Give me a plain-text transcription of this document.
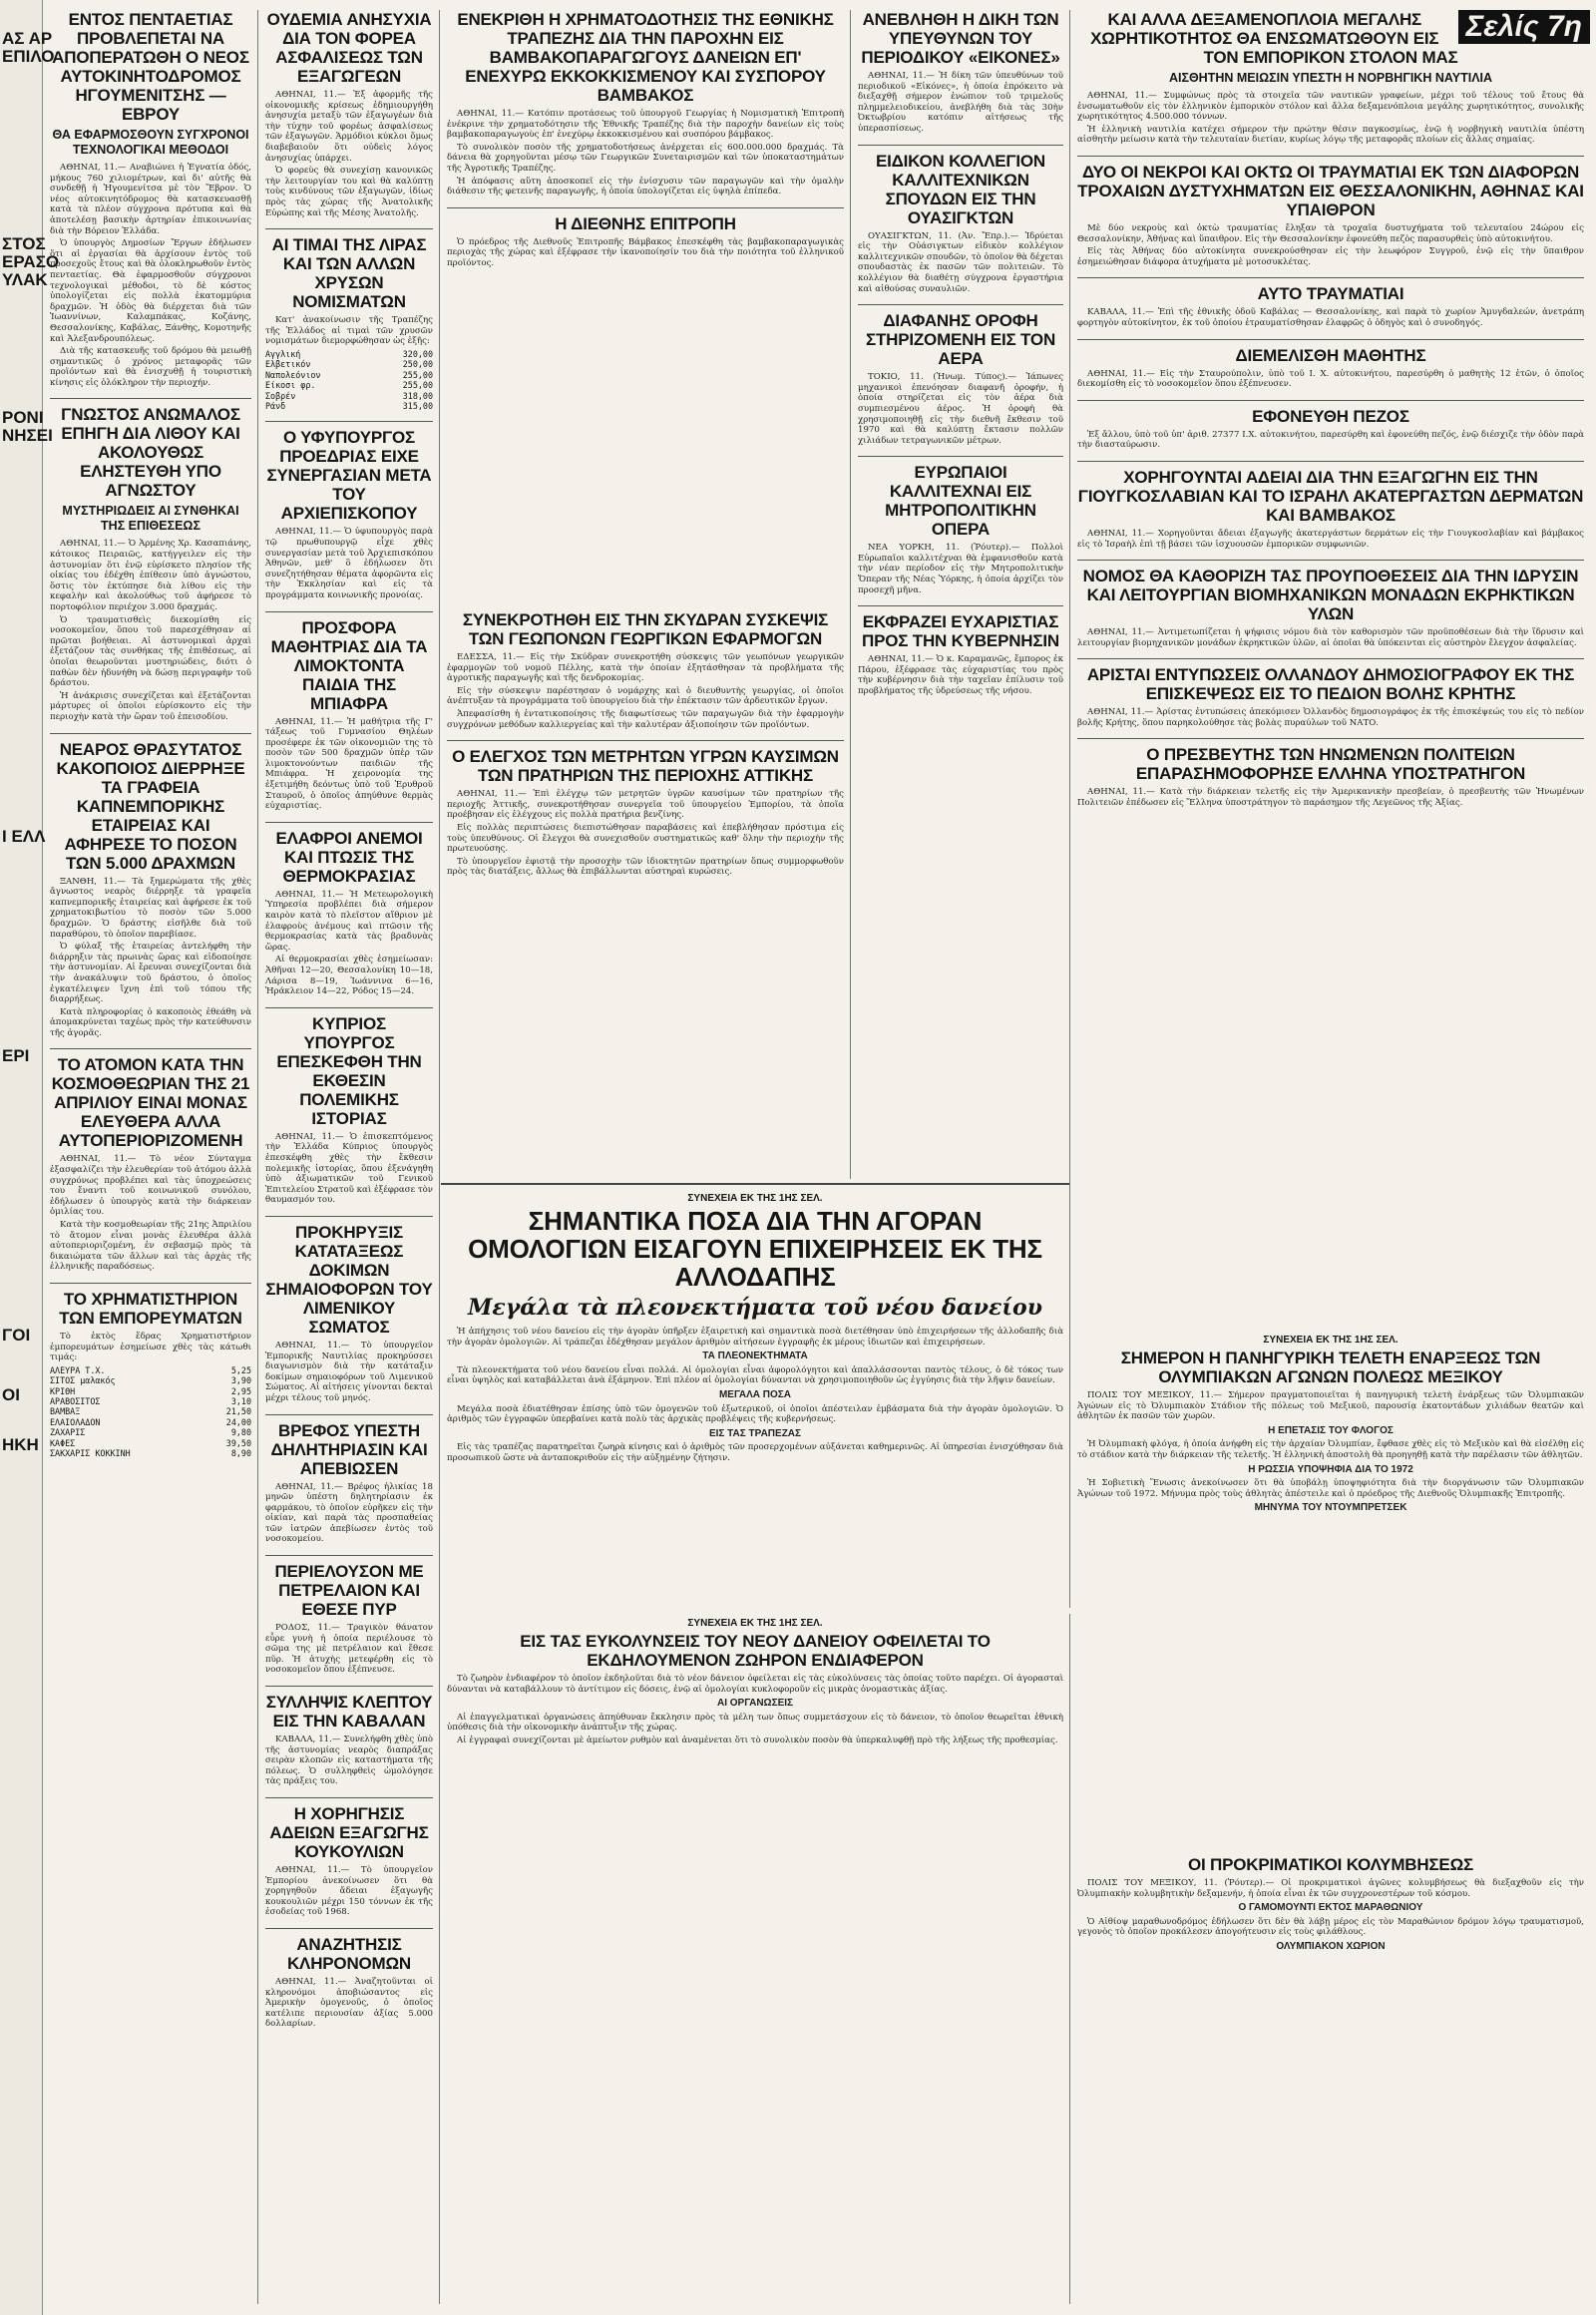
ΑΣ ΑΡ
ΕΠΙΛΟ
ΣΤΟΣ
ΕΡΑΣΟ
ΥΛΑΚ
ΡΟΝΙ
ΝΗΣΕΙ
Ι ΕΛΛ
ΕΡΙ
ΓΟΙ
ΟΙ
ΗΚΗ
ΕΝΤΟΣ ΠΕΝΤΑΕΤΙΑΣ ΠΡΟΒΛΕΠΕΤΑΙ ΝΑ ΑΠΟΠΕΡΑΤΩΘΗ Ο ΝΕΟΣ ΑΥΤΟΚΙΝΗΤΟΔΡΟΜΟΣ ΗΓΟΥΜΕΝΙΤΣΗΣ — ΕΒΡΟΥ
ΘΑ ΕΦΑΡΜΟΣΘΟΥΝ ΣΥΓΧΡΟΝΟΙ ΤΕΧΝΟΛΟΓΙΚΑΙ ΜΕΘΟΔΟΙ

ΑΘΗΝΑΙ, 11.— Αναβιώνει ἡ Ἐγνατία ὁδός, μήκους 760 χιλιομέτρων, καὶ δι' αὐτῆς θὰ συνδεθῇ ἡ Ἡγουμενίτσα μὲ τὸν Ἕβρον. Ὁ νέος αὐτοκινητόδρομος θὰ κατασκευασθῇ κατὰ τὰ πλέον σύγχρονα πρότυπα καὶ θὰ ἀποτελέσῃ βασικὴν ἀρτηρίαν ἐπικοινωνίας διὰ τὴν Βόρειον Ἑλλάδα.

Ὁ ὑπουργὸς Δημοσίων Ἔργων ἐδήλωσεν ὅτι αἱ ἐργασίαι θὰ ἀρχίσουν ἐντὸς τοῦ προσεχοῦς ἔτους καὶ θὰ ὁλοκληρωθοῦν ἐντὸς πενταετίας. Θὰ ἐφαρμοσθοῦν σύγχρονοι τεχνολογικαὶ μέθοδοι, τὸ δὲ κόστος ὑπολογίζεται εἰς πολλὰ ἑκατομμύρια δραχμῶν. Ἡ ὁδὸς θὰ διέρχεται διὰ τῶν Ἰωαννίνων, Καλαμπάκας, Κοζάνης, Θεσσαλονίκης, Καβάλας, Ξάνθης, Κομοτηνῆς καὶ Ἀλεξανδρουπόλεως.

Διὰ τῆς κατασκευῆς τοῦ δρόμου θὰ μειωθῇ σημαντικῶς ὁ χρόνος μεταφορᾶς τῶν προϊόντων καὶ θὰ ἐνισχυθῇ ἡ τουριστικὴ κίνησις εἰς ὁλόκληρον τὴν περιοχήν.

ΓΝΩΣΤΟΣ ΑΝΩΜΑΛΟΣ ΕΠΗΓΗ ΔΙΑ ΛΙΘΟΥ ΚΑΙ ΑΚΟΛΟΥΘΩΣ ΕΛΗΣΤΕΥΘΗ ΥΠΟ ΑΓΝΩΣΤΟΥ
ΜΥΣΤΗΡΙΩΔΕΙΣ ΑΙ ΣΥΝΘΗΚΑΙ ΤΗΣ ΕΠΙΘΕΣΕΩΣ

ΑΘΗΝΑΙ, 11.— Ὁ Ἀρμένης Χρ. Κασαπιάνης, κάτοικος Πειραιῶς, κατήγγειλεν εἰς τὴν ἀστυνομίαν ὅτι ἐνῷ εὑρίσκετο πλησίον τῆς οἰκίας του ἐδέχθη ἐπίθεσιν ὑπὸ ἀγνώστου, ὅστις τὸν ἐκτύπησε διὰ λίθου εἰς τὴν κεφαλὴν καὶ ἀκολούθως τοῦ ἀφήρεσε τὸ πορτοφόλιον περιέχον 3.000 δραχμάς.

Ὁ τραυματισθεὶς διεκομίσθη εἰς νοσοκομεῖον, ὅπου τοῦ παρεσχέθησαν αἱ πρῶται βοήθειαι. Αἱ ἀστυνομικαὶ ἀρχαὶ ἐξετάζουν τὰς συνθήκας τῆς ἐπιθέσεως, αἱ ὁποῖαι θεωροῦνται μυστηριώδεις, διότι ὁ παθὼν δὲν ἠδυνήθη νὰ δώσῃ περιγραφὴν τοῦ δράστου.

Ἡ ἀνάκρισις συνεχίζεται καὶ ἐξετάζονται μάρτυρες οἱ ὁποῖοι εὑρίσκοντο εἰς τὴν περιοχὴν κατὰ τὴν ὥραν τοῦ ἐπεισοδίου.

ΝΕΑΡΟΣ ΘΡΑΣΥΤΑΤΟΣ ΚΑΚΟΠΟΙΟΣ ΔΙΕΡΡΗΞΕ ΤΑ ΓΡΑΦΕΙΑ ΚΑΠΝΕΜΠΟΡΙΚΗΣ ΕΤΑΙΡΕΙΑΣ ΚΑΙ ΑΦΗΡΕΣΕ ΤΟ ΠΟΣΟΝ ΤΩΝ 5.000 ΔΡΑΧΜΩΝ

ΞΑΝΘΗ, 11.— Τὰ ξημερώματα τῆς χθὲς ἄγνωστος νεαρὸς διέρρηξε τὰ γραφεῖα καπνεμπορικῆς ἑταιρείας καὶ ἀφήρεσε ἐκ τοῦ χρηματοκιβωτίου τὸ ποσὸν τῶν 5.000 δραχμῶν. Ὁ δράστης εἰσῆλθε διὰ τοῦ παραθύρου, τὸ ὁποῖον παρεβίασε.

Ὁ φύλαξ τῆς ἑταιρείας ἀντελήφθη τὴν διάρρηξιν τὰς πρωινὰς ὥρας καὶ εἰδοποίησε τὴν ἀστυνομίαν. Αἱ ἔρευναι συνεχίζονται διὰ τὴν ἀνακάλυψιν τοῦ δράστου, ὁ ὁποῖος ἐγκατέλειψεν ἴχνη ἐπὶ τοῦ τόπου τῆς διαρρήξεως.

Κατὰ πληροφορίας ὁ κακοποιὸς ἐθεάθη νὰ ἀπομακρύνεται ταχέως πρὸς τὴν κατεύθυνσιν τῆς ἀγορᾶς.

ΤΟ ΑΤΟΜΟΝ ΚΑΤΑ ΤΗΝ ΚΟΣΜΟΘΕΩΡΙΑΝ ΤΗΣ 21 ΑΠΡΙΛΙΟΥ ΕΙΝΑΙ ΜΟΝΑΣ ΕΛΕΥΘΕΡΑ ΑΛΛΑ ΑΥΤΟΠΕΡΙΟΡΙΖΟΜΕΝΗ

ΑΘΗΝΑΙ, 11.— Τὸ νέον Σύνταγμα ἐξασφαλίζει τὴν ἐλευθερίαν τοῦ ἀτόμου ἀλλὰ συγχρόνως προβλέπει καὶ τὰς ὑποχρεώσεις του ἔναντι τοῦ κοινωνικοῦ συνόλου, ἐδήλωσεν ὁ ὑπουργὸς κατὰ τὴν διάρκειαν ὁμιλίας του.

Κατὰ τὴν κοσμοθεωρίαν τῆς 21ης Ἀπριλίου τὸ ἄτομον εἶναι μονὰς ἐλευθέρα ἀλλὰ αὐτοπεριοριζομένη, ἐν σεβασμῷ πρὸς τὰ δικαιώματα τῶν ἄλλων καὶ τὰς ἀρχὰς τῆς ἑλληνικῆς παραδόσεως.

ΤΟ ΧΡΗΜΑΤΙΣΤΗΡΙΟΝ ΤΩΝ ΕΜΠΟΡΕΥΜΑΤΩΝ

Τὸ ἐκτὸς ἕδρας Χρηματιστήριον ἐμπορευμάτων ἐσημείωσε χθὲς τὰς κάτωθι τιμάς:

ΑΛΕΥΡΑ Τ.Χ.	5,25
ΣΙΤΟΣ μαλακός	3,90
ΚΡΙΘΗ	2,95
ΑΡΑΒΟΣΙΤΟΣ	3,10
ΒΑΜΒΑΞ	21,50
ΕΛΑΙΟΛΑΔΟΝ	24,00
ΖΑΧΑΡΙΣ	9,80
ΚΑΦΕΣ	39,50
ΣΑΚΧΑΡΙΣ ΚΟΚΚΙΝΗ	8,90
ΟΥΔΕΜΙΑ ΑΝΗΣΥΧΙΑ ΔΙΑ ΤΟΝ ΦΟΡΕΑ ΑΣΦΑΛΙΣΕΩΣ ΤΩΝ ΕΞΑΓΩΓΕΩΝ

ΑΘΗΝΑΙ, 11.— Ἐξ ἀφορμῆς τῆς οἰκονομικῆς κρίσεως ἐδημιουργήθη ἀνησυχία μεταξὺ τῶν ἐξαγωγέων διὰ τὴν τύχην τοῦ φορέως ἀσφαλίσεως τῶν ἐξαγωγῶν. Ἁρμόδιοι κύκλοι ὅμως διαβεβαιοῦν ὅτι οὐδεὶς λόγος ἀνησυχίας ὑπάρχει.

Ὁ φορεὺς θὰ συνεχίσῃ κανονικῶς τὴν λειτουργίαν του καὶ θὰ καλύπτῃ τοὺς κινδύνους τῶν ἐξαγωγῶν, ἰδίως πρὸς τὰς χώρας τῆς Ἀνατολικῆς Εὐρώπης καὶ τῆς Μέσης Ἀνατολῆς.

ΑΙ ΤΙΜΑΙ ΤΗΣ ΛΙΡΑΣ ΚΑΙ ΤΩΝ ΑΛΛΩΝ ΧΡΥΣΩΝ ΝΟΜΙΣΜΑΤΩΝ

Κατ' ἀνακοίνωσιν τῆς Τραπέζης τῆς Ἑλλάδος αἱ τιμαὶ τῶν χρυσῶν νομισμάτων διεμορφώθησαν ὡς ἑξῆς:

Αγγλική	320,00
Ελβετικόν	250,00
Ναπολεόνιον	255,00
Είκοσι φρ.	255,00
Σοβρέν	318,00
Ράνδ	315,00
Ο ΥΦΥΠΟΥΡΓΟΣ ΠΡΟΕΔΡΙΑΣ ΕΙΧΕ ΣΥΝΕΡΓΑΣΙΑΝ ΜΕΤΑ ΤΟΥ ΑΡΧΙΕΠΙΣΚΟΠΟΥ

ΑΘΗΝΑΙ, 11.— Ὁ ὑφυπουργὸς παρὰ τῷ πρωθυπουργῷ εἶχε χθὲς συνεργασίαν μετὰ τοῦ Ἀρχιεπισκόπου Ἀθηνῶν, μεθ' ὃ ἐδήλωσεν ὅτι συνεζητήθησαν θέματα ἀφορῶντα εἰς τὴν Ἐκκλησίαν καὶ εἰς τὰ προγράμματα κοινωνικῆς προνοίας.

ΠΡΟΣΦΟΡΑ ΜΑΘΗΤΡΙΑΣ ΔΙΑ ΤΑ ΛΙΜΟΚΤΟΝΤΑ ΠΑΙΔΙΑ ΤΗΣ ΜΠΙΑΦΡΑ

ΑΘΗΝΑΙ, 11.— Ἡ μαθήτρια τῆς Γ' τάξεως τοῦ Γυμνασίου Θηλέων προσέφερε ἐκ τῶν οἰκονομιῶν της τὸ ποσὸν τῶν 500 δραχμῶν ὑπὲρ τῶν λιμοκτονούντων παιδιῶν τῆς Μπιάφρα. Ἡ χειρονομία της ἐξετιμήθη δεόντως ὑπὸ τοῦ Ἐρυθροῦ Σταυροῦ, ὁ ὁποῖος ἀπηύθυνε θερμὰς εὐχαριστίας.

ΕΛΑΦΡΟΙ ΑΝΕΜΟΙ ΚΑΙ ΠΤΩΣΙΣ ΤΗΣ ΘΕΡΜΟΚΡΑΣΙΑΣ

ΑΘΗΝΑΙ, 11.— Ἡ Μετεωρολογικὴ Ὑπηρεσία προβλέπει διὰ σήμερον καιρὸν κατὰ τὸ πλεῖστον αἴθριον μὲ ἐλαφροὺς ἀνέμους καὶ πτῶσιν τῆς θερμοκρασίας κατὰ τὰς βραδυνὰς ὥρας.

Αἱ θερμοκρασίαι χθὲς ἐσημείωσαν: Ἀθῆναι 12—20, Θεσσαλονίκη 10—18, Λάρισα 8—19, Ἰωάννινα 6—16, Ἡράκλειον 14—22, Ρόδος 15—24.

ΚΥΠΡΙΟΣ ΥΠΟΥΡΓΟΣ ΕΠΕΣΚΕΦΘΗ ΤΗΝ ΕΚΘΕΣΙΝ ΠΟΛΕΜΙΚΗΣ ΙΣΤΟΡΙΑΣ

ΑΘΗΝΑΙ, 11.— Ὁ ἐπισκεπτόμενος τὴν Ἑλλάδα Κύπριος ὑπουργὸς ἐπεσκέφθη χθὲς τὴν ἔκθεσιν πολεμικῆς ἱστορίας, ὅπου ἐξενάγηθη ὑπὸ ἀξιωματικῶν τοῦ Γενικοῦ Ἐπιτελείου Στρατοῦ καὶ ἐξέφρασε τὸν θαυμασμόν του.

ΠΡΟΚΗΡΥΞΙΣ ΚΑΤΑΤΑΞΕΩΣ ΔΟΚΙΜΩΝ ΣΗΜΑΙΟΦΟΡΩΝ ΤΟΥ ΛΙΜΕΝΙΚΟΥ ΣΩΜΑΤΟΣ

ΑΘΗΝΑΙ, 11.— Τὸ ὑπουργεῖον Ἐμπορικῆς Ναυτιλίας προκηρύσσει διαγωνισμὸν διὰ τὴν κατάταξιν δοκίμων σημαιοφόρων τοῦ Λιμενικοῦ Σώματος. Αἱ αἰτήσεις γίνονται δεκταὶ μέχρι τέλους τοῦ μηνός.

ΒΡΕΦΟΣ ΥΠΕΣΤΗ ΔΗΛΗΤΗΡΙΑΣΙΝ ΚΑΙ ΑΠΕΒΙΩΣΕΝ

ΑΘΗΝΑΙ, 11.— Βρέφος ἡλικίας 18 μηνῶν ὑπέστη δηλητηρίασιν ἐκ φαρμάκου, τὸ ὁποῖον εὑρῆκεν εἰς τὴν οἰκίαν, καὶ παρὰ τὰς προσπαθείας τῶν ἰατρῶν ἀπεβίωσεν ἐντὸς τοῦ νοσοκομείου.

ΠΕΡΙΕΛΟΥΣΟΝ ΜΕ ΠΕΤΡΕΛΑΙΟΝ ΚΑΙ ΕΘΕΣΕ ΠΥΡ

ΡΟΔΟΣ, 11.— Τραγικὸν θάνατον εὗρε γυνὴ ἡ ὁποία περιέλουσε τὸ σῶμα της μὲ πετρέλαιον καὶ ἔθεσε πῦρ. Ἡ ἀτυχὴς μετεφέρθη εἰς τὸ νοσοκομεῖον ὅπου ἐξέπνευσε.

ΣΥΛΛΗΨΙΣ ΚΛΕΠΤΟΥ ΕΙΣ ΤΗΝ ΚΑΒΑΛΑΝ

ΚΑΒΑΛΑ, 11.— Συνελήφθη χθὲς ὑπὸ τῆς ἀστυνομίας νεαρὸς διαπράξας σειρὰν κλοπῶν εἰς καταστήματα τῆς πόλεως. Ὁ συλληφθεὶς ὡμολόγησε τὰς πράξεις του.

Η ΧΟΡΗΓΗΣΙΣ ΑΔΕΙΩΝ ΕΞΑΓΩΓΗΣ ΚΟΥΚΟΥΛΙΩΝ

ΑΘΗΝΑΙ, 11.— Τὸ ὑπουργεῖον Ἐμπορίου ἀνεκοίνωσεν ὅτι θὰ χορηγηθοῦν ἄδειαι ἐξαγωγῆς κουκουλιῶν μέχρι 150 τόννων ἐκ τῆς ἐσοδείας τοῦ 1968.

ΑΝΑΖΗΤΗΣΙΣ ΚΛΗΡΟΝΟΜΩΝ

ΑΘΗΝΑΙ, 11.— Ἀναζητοῦνται οἱ κληρονόμοι ἀποβιώσαντος εἰς Ἀμερικὴν ὁμογενοῦς, ὁ ὁποῖος κατέλιπε περιουσίαν ἀξίας 5.000 δολλαρίων.

ΕΝΕΚΡΙΘΗ Η ΧΡΗΜΑΤΟΔΟΤΗΣΙΣ ΤΗΣ ΕΘΝΙΚΗΣ ΤΡΑΠΕΖΗΣ ΔΙΑ ΤΗΝ ΠΑΡΟΧΗΝ ΕΙΣ ΒΑΜΒΑΚΟΠΑΡΑΓΩΓΟΥΣ ΔΑΝΕΙΩΝ ΕΠ' ΕΝΕΧΥΡΩ ΕΚΚΟΚΚΙΣΜΕΝΟΥ ΚΑΙ ΣΥΣΠΟΡΟΥ ΒΑΜΒΑΚΟΣ

ΑΘΗΝΑΙ, 11.— Κατόπιν προτάσεως τοῦ ὑπουργοῦ Γεωργίας ἡ Νομισματικὴ Ἐπιτροπὴ ἐνέκρινε τὴν χρηματοδότησιν τῆς Ἐθνικῆς Τραπέζης διὰ τὴν παροχὴν δανείων εἰς τοὺς βαμβακοπαραγωγοὺς ἐπ' ἐνεχύρῳ ἐκκοκκισμένου καὶ συσπόρου βάμβακος.

Τὸ συνολικὸν ποσὸν τῆς χρηματοδοτήσεως ἀνέρχεται εἰς 600.000.000 δραχμάς. Τὰ δάνεια θὰ χορηγοῦνται μέσῳ τῶν Γεωργικῶν Συνεταιρισμῶν καὶ τῶν ὑποκαταστημάτων τῆς Ἀγροτικῆς Τραπέζης.

Ἡ ἀπόφασις αὕτη ἀποσκοπεῖ εἰς τὴν ἐνίσχυσιν τῶν παραγωγῶν καὶ τὴν ὁμαλὴν διάθεσιν τῆς φετεινῆς παραγωγῆς, ἡ ὁποία ὑπολογίζεται εἰς ὑψηλὰ ἐπίπεδα.

Η ΔΙΕΘΝΗΣ ΕΠΙΤΡΟΠΗ

Ὁ πρόεδρος τῆς Διεθνοῦς Ἐπιτροπῆς Βάμβακος ἐπεσκέφθη τὰς βαμβακοπαραγωγικὰς περιοχὰς τῆς χώρας καὶ ἐξέφρασε τὴν ἱκανοποίησίν του διὰ τὴν ποιότητα τοῦ ἑλληνικοῦ προϊόντος.

ΑΝΕΒΛΗΘΗ Η ΔΙΚΗ ΤΩΝ ΥΠΕΥΘΥΝΩΝ ΤΟΥ ΠΕΡΙΟΔΙΚΟΥ «ΕΙΚΟΝΕΣ»

ΑΘΗΝΑΙ, 11.— Ἡ δίκη τῶν ὑπευθύνων τοῦ περιοδικοῦ «Εἰκόνες», ἡ ὁποία ἐπρόκειτο νὰ διεξαχθῇ σήμερον ἐνώπιον τοῦ τριμελοῦς πλημμελειοδικείου, ἀνεβλήθη διὰ τὰς 30ὴν Ὀκτωβρίου κατόπιν αἰτήσεως τῆς ὑπερασπίσεως.

ΕΙΔΙΚΟΝ ΚΟΛΛΕΓΙΟΝ ΚΑΛΛΙΤΕΧΝΙΚΩΝ ΣΠΟΥΔΩΝ ΕΙΣ ΤΗΝ ΟΥΑΣΙΓΚΤΩΝ

ΟΥΑΣΙΓΚΤΩΝ, 11. (Ἀν. Ἔπρ.).— Ἱδρύεται εἰς τὴν Οὐάσιγκτων εἰδικὸν κολλέγιον καλλιτεχνικῶν σπουδῶν, τὸ ὁποῖον θὰ δέχεται σπουδαστὰς ἐκ πασῶν τῶν πολιτειῶν. Τὸ κολλέγιον θὰ διαθέτῃ σύγχρονα ἐργαστήρια καὶ αἰθούσας συναυλιῶν.

ΔΙΑΦΑΝΗΣ ΟΡΟΦΗ ΣΤΗΡΙΖΟΜΕΝΗ ΕΙΣ ΤΟΝ ΑΕΡΑ

ΤΟΚΙΟ, 11. (Ἠνωμ. Τύπος).— Ἰάπωνες μηχανικοὶ ἐπενόησαν διαφανῆ ὀροφήν, ἡ ὁποία στηρίζεται εἰς τὸν ἀέρα διὰ συμπιεσμένου ἀέρος. Ἡ ὀροφὴ θὰ χρησιμοποιηθῇ εἰς τὴν διεθνῆ ἔκθεσιν τοῦ 1970 καὶ θὰ καλύπτῃ ἔκτασιν πολλῶν χιλιάδων τετραγωνικῶν μέτρων.

ΕΥΡΩΠΑΙΟΙ ΚΑΛΛΙΤΕΧΝΑΙ ΕΙΣ ΜΗΤΡΟΠΟΛΙΤΙΚΗΝ ΟΠΕΡΑ

ΝΕΑ ΥΟΡΚΗ, 11. (Ῥόυτερ).— Πολλοὶ Εὐρωπαῖοι καλλιτέχναι θὰ ἐμφανισθοῦν κατὰ τὴν νέαν περίοδον εἰς τὴν Μητροπολιτικὴν Ὄπεραν τῆς Νέας Ὑόρκης, ἡ ὁποία ἀρχίζει τὸν προσεχῆ μῆνα.

ΕΚΦΡΑΖΕΙ ΕΥΧΑΡΙΣΤΙΑΣ ΠΡΟΣ ΤΗΝ ΚΥΒΕΡΝΗΣΙΝ

ΑΘΗΝΑΙ, 11.— Ὁ κ. Καραμανῶς, ἔμπορος ἐκ Πάρου, ἐξέφρασε τὰς εὐχαριστίας του πρὸς τὴν κυβέρνησιν διὰ τὴν ταχεῖαν ἐπίλυσιν τοῦ προβλήματος τῆς ὑδρεύσεως τῆς νήσου.

Σελίς 7η
ΚΑΙ ΑΛΛΑ ΔΕΞΑΜΕΝΟΠΛΟΙΑ ΜΕΓΑΛΗΣ ΧΩΡΗΤΙΚΟΤΗΤΟΣ ΘΑ ΕΝΣΩΜΑΤΩΘΟΥΝ ΕΙΣ ΤΟΝ ΕΜΠΟΡΙΚΟΝ ΣΤΟΛΟΝ ΜΑΣ
ΑΙΣΘΗΤΗΝ ΜΕΙΩΣΙΝ ΥΠΕΣΤΗ Η ΝΟΡΒΗΓΙΚΗ ΝΑΥΤΙΛΙΑ

ΑΘΗΝΑΙ, 11.— Συμφώνως πρὸς τὰ στοιχεῖα τῶν ναυτικῶν γραφείων, μέχρι τοῦ τέλους τοῦ ἔτους θὰ ἐνσωματωθοῦν εἰς τὸν ἑλληνικὸν ἐμπορικὸν στόλον καὶ ἄλλα δεξαμενόπλοια μεγάλης χωρητικότητος, συνολικῆς χωρητικότητος 4.500.000 τόννων.

Ἡ ἑλληνικὴ ναυτιλία κατέχει σήμερον τὴν πρώτην θέσιν παγκοσμίως, ἐνῷ ἡ νορβηγικὴ ναυτιλία ὑπέστη αἰσθητὴν μείωσιν κατὰ τὴν τελευταίαν διετίαν, κυρίως λόγῳ τῆς μεταφορᾶς πλοίων εἰς ἄλλας σημαίας.

ΔΥΟ ΟΙ ΝΕΚΡΟΙ ΚΑΙ ΟΚΤΩ ΟΙ ΤΡΑΥΜΑΤΙΑΙ ΕΚ ΤΩΝ ΔΙΑΦΟΡΩΝ ΤΡΟΧΑΙΩΝ ΔΥΣΤΥΧΗΜΑΤΩΝ ΕΙΣ ΘΕΣΣΑΛΟΝΙΚΗΝ, ΑΘΗΝΑΣ ΚΑΙ ΥΠΑΙΘΡΟΝ

Μὲ δύο νεκροὺς καὶ ὀκτὼ τραυματίας ἔληξαν τὰ τροχαῖα δυστυχήματα τοῦ τελευταίου 24ώρου εἰς Θεσσαλονίκην, Ἀθήνας καὶ ὕπαιθρον. Εἰς τὴν Θεσσαλονίκην ἐφονεύθη πεζὸς παρασυρθεὶς ὑπὸ αὐτοκινήτου.

Εἰς τὰς Ἀθήνας δύο αὐτοκίνητα συνεκρούσθησαν εἰς τὴν λεωφόρον Συγγροῦ, ἐνῷ εἰς τὴν ὕπαιθρον ἐσημειώθησαν διάφορα ἀτυχήματα μὲ μοτοσυκλέτας.

ΑΥΤΟ ΤΡΑΥΜΑΤΙΑΙ

ΚΑΒΑΛΑ, 11.— Ἐπὶ τῆς ἐθνικῆς ὁδοῦ Καβάλας — Θεσσαλονίκης, καὶ παρὰ τὸ χωρίον Ἀμυγδαλεών, ἀνετράπη φορτηγὸν αὐτοκίνητον, ἐκ τοῦ ὁποίου ἐτραυματίσθησαν ἐλαφρῶς ὁ ὁδηγὸς καὶ ὁ συνοδηγός.

ΔΙΕΜΕΛΙΣΘΗ ΜΑΘΗΤΗΣ

ΑΘΗΝΑΙ, 11.— Εἰς τὴν Σταυρούπολιν, ὑπὸ τοῦ Ι. Χ. αὐτοκινήτου, παρεσύρθη ὁ μαθητὴς 12 ἐτῶν, ὁ ὁποῖος διεκομίσθη εἰς τὸ νοσοκομεῖον ὅπου ἐξέπνευσεν.

ΕΦΟΝΕΥΘΗ ΠΕΖΟΣ

Ἐξ ἄλλου, ὑπὸ τοῦ ὑπ' ἀριθ. 27377 Ι.Χ. αὐτοκινήτου, παρεσύρθη καὶ ἐφονεύθη πεζός, ἐνῷ διέσχιζε τὴν ὁδὸν παρὰ τὴν διασταύρωσιν.

ΧΟΡΗΓΟΥΝΤΑΙ ΑΔΕΙΑΙ ΔΙΑ ΤΗΝ ΕΞΑΓΩΓΗΝ ΕΙΣ ΤΗΝ ΓΙΟΥΓΚΟΣΛΑΒΙΑΝ ΚΑΙ ΤΟ ΙΣΡΑΗΛ ΑΚΑΤΕΡΓΑΣΤΩΝ ΔΕΡΜΑΤΩΝ ΚΑΙ ΒΑΜΒΑΚΟΣ

ΑΘΗΝΑΙ, 11.— Χορηγοῦνται ἄδειαι ἐξαγωγῆς ἀκατεργάστων δερμάτων εἰς τὴν Γιουγκοσλαβίαν καὶ βάμβακος εἰς τὸ Ἰσραὴλ ἐπὶ τῇ βάσει τῶν ἰσχυουσῶν ἐμπορικῶν συμφωνιῶν.

ΝΟΜΟΣ ΘΑ ΚΑΘΟΡΙΖΗ ΤΑΣ ΠΡΟΥΠΟΘΕΣΕΙΣ ΔΙΑ ΤΗΝ ΙΔΡΥΣΙΝ ΚΑΙ ΛΕΙΤΟΥΡΓΙΑΝ ΒΙΟΜΗΧΑΝΙΚΩΝ ΜΟΝΑΔΩΝ ΕΚΡΗΚΤΙΚΩΝ ΥΛΩΝ

ΑΘΗΝΑΙ, 11.— Ἀντιμετωπίζεται ἡ ψήφισις νόμου διὰ τὸν καθορισμὸν τῶν προϋποθέσεων διὰ τὴν ἵδρυσιν καὶ λειτουργίαν βιομηχανικῶν μονάδων ἐκρηκτικῶν ὑλῶν, αἱ ὁποῖαι θὰ ὑπόκεινται εἰς αὐστηρὸν ἔλεγχον ἀσφαλείας.

ΑΡΙΣΤΑΙ ΕΝΤΥΠΩΣΕΙΣ ΟΛΛΑΝΔΟΥ ΔΗΜΟΣΙΟΓΡΑΦΟΥ ΕΚ ΤΗΣ ΕΠΙΣΚΕΨΕΩΣ ΕΙΣ ΤΟ ΠΕΔΙΟΝ ΒΟΛΗΣ ΚΡΗΤΗΣ

ΑΘΗΝΑΙ, 11.— Ἀρίστας ἐντυπώσεις ἀπεκόμισεν Ὁλλανδὸς δημοσιογράφος ἐκ τῆς ἐπισκέψεώς του εἰς τὸ πεδίον βολῆς Κρήτης, ὅπου παρηκολούθησε τὰς βολὰς πυραύλων τοῦ ΝΑΤΟ.

Ο ΠΡΕΣΒΕΥΤΗΣ ΤΩΝ ΗΝΩΜΕΝΩΝ ΠΟΛΙΤΕΙΩΝ ΕΠΑΡΑΣΗΜΟΦΟΡΗΣΕ ΕΛΛΗΝΑ ΥΠΟΣΤΡΑΤΗΓΟΝ

ΑΘΗΝΑΙ, 11.— Κατὰ τὴν διάρκειαν τελετῆς εἰς τὴν Ἀμερικανικὴν πρεσβείαν, ὁ πρεσβευτὴς τῶν Ἡνωμένων Πολιτειῶν ἐπέδωσεν εἰς Ἕλληνα ὑποστράτηγον τὸ παράσημον τῆς Λεγεῶνος τῆς Ἀξίας.

ΣΥΝΕΧΕΙΑ ΕΚ ΤΗΣ 1ΗΣ ΣΕΛ.
ΣΗΜΑΝΤΙΚΑ ΠΟΣΑ ΔΙΑ ΤΗΝ ΑΓΟΡΑΝ ΟΜΟΛΟΓΙΩΝ ΕΙΣΑΓΟΥΝ ΕΠΙΧΕΙΡΗΣΕΙΣ ΕΚ ΤΗΣ ΑΛΛΟΔΑΠΗΣ
Μεγάλα τὰ πλεονεκτήματα τοῦ νέου δανείου

Ἡ ἀπήχησις τοῦ νέου δανείου εἰς τὴν ἀγορὰν ὑπῆρξεν ἐξαιρετικὴ καὶ σημαντικὰ ποσὰ διετέθησαν ὑπὸ ἐπιχειρήσεων τῆς ἀλλοδαπῆς διὰ τὴν ἀγορὰν ὁμολογιῶν. Αἱ τράπεζαι ἐδέχθησαν μεγάλον ἀριθμὸν αἰτήσεων ἐγγραφῆς ἐκ μέρους ἰδιωτῶν καὶ ἐπιχειρήσεων.

ΤΑ ΠΛΕΟΝΕΚΤΗΜΑΤΑ

Τὰ πλεονεκτήματα τοῦ νέου δανείου εἶναι πολλά. Αἱ ὁμολογίαι εἶναι ἀφορολόγητοι καὶ ἀπαλλάσσονται παντὸς τέλους, ὁ δὲ τόκος των εἶναι ὑψηλὸς καὶ καταβάλλεται ἀνὰ ἑξάμηνον. Ἐπὶ πλέον αἱ ὁμολογίαι δύνανται νὰ χρησιμοποιηθοῦν ὡς ἐγγύησις διὰ τὴν λῆψιν δανείων.

ΜΕΓΑΛΑ ΠΟΣΑ

Μεγάλα ποσὰ ἐδιατέθησαν ἐπίσης ὑπὸ τῶν ὁμογενῶν τοῦ ἐξωτερικοῦ, οἱ ὁποῖοι ἀπέστειλαν ἐμβάσματα διὰ τὴν ἀγορὰν ὁμολογιῶν. Ὁ ἀριθμὸς τῶν ἐγγραφῶν ὑπερβαίνει κατὰ πολὺ τὰς ἀρχικὰς προβλέψεις τῆς κυβερνήσεως.

ΕΙΣ ΤΑΣ ΤΡΑΠΕΖΑΣ

Εἰς τὰς τραπέζας παρατηρεῖται ζωηρὰ κίνησις καὶ ὁ ἀριθμὸς τῶν προσερχομένων αὐξάνεται καθημερινῶς. Αἱ ὑπηρεσίαι ἐνισχύθησαν διὰ προσωπικοῦ ὥστε νὰ ἀνταποκριθοῦν εἰς τὴν αὐξημένην ζήτησιν.

ΣΥΝΕΧΕΙΑ ΕΚ ΤΗΣ 1ΗΣ ΣΕΛ.
ΕΙΣ ΤΑΣ ΕΥΚΟΛΥΝΣΕΙΣ ΤΟΥ ΝΕΟΥ ΔΑΝΕΙΟΥ ΟΦΕΙΛΕΤΑΙ ΤΟ ΕΚΔΗΛΟΥΜΕΝΟΝ ΖΩΗΡΟΝ ΕΝΔΙΑΦΕΡΟΝ

Τὸ ζωηρὸν ἐνδιαφέρον τὸ ὁποῖον ἐκδηλοῦται διὰ τὸ νέον δάνειον ὀφείλεται εἰς τὰς εὐκολύνσεις τὰς ὁποίας τοῦτο παρέχει. Οἱ ἀγορασταὶ δύνανται νὰ καταβάλλουν τὸ ἀντίτιμον εἰς δόσεις, ἐνῷ αἱ ὁμολογίαι κυκλοφοροῦν εἰς μικρὰς ὀνομαστικὰς ἀξίας.

ΑΙ ΟΡΓΑΝΩΣΕΙΣ

Αἱ ἐπαγγελματικαὶ ὀργανώσεις ἀπηύθυναν ἔκκλησιν πρὸς τὰ μέλη των ὅπως συμμετάσχουν εἰς τὸ δάνειον, τὸ ὁποῖον θεωρεῖται ἐθνικὴ ὑπόθεσις διὰ τὴν οἰκονομικὴν ἀνάπτυξιν τῆς χώρας.

Αἱ ἐγγραφαὶ συνεχίζονται μὲ ἀμείωτον ρυθμὸν καὶ ἀναμένεται ὅτι τὸ συνολικὸν ποσὸν θὰ ὑπερκαλυφθῇ πρὸ τῆς λήξεως τῆς προθεσμίας.

ΣΥΝΕΧΕΙΑ ΕΚ ΤΗΣ 1ΗΣ ΣΕΛ.
ΣΗΜΕΡΟΝ Η ΠΑΝΗΓΥΡΙΚΗ ΤΕΛΕΤΗ ΕΝΑΡΞΕΩΣ ΤΩΝ ΟΛΥΜΠΙΑΚΩΝ ΑΓΩΝΩΝ ΠΟΛΕΩΣ ΜΕΞΙΚΟΥ

ΠΟΛΙΣ ΤΟΥ ΜΕΞΙΚΟΥ, 11.— Σήμερον πραγματοποιεῖται ἡ πανηγυρικὴ τελετὴ ἐνάρξεως τῶν Ὀλυμπιακῶν Ἀγώνων εἰς τὸ Ὀλυμπιακὸν Στάδιον τῆς πόλεως τοῦ Μεξικοῦ, παρουσίᾳ ἑκατοντάδων χιλιάδων θεατῶν καὶ ἀθλητῶν ἐκ πασῶν τῶν χωρῶν.

Η ΕΠΕΤΑΣΙΣ ΤΟΥ ΦΛΟΓΟΣ

Ἡ Ὀλυμπιακὴ φλόγα, ἡ ὁποία ἀνήφθη εἰς τὴν ἀρχαίαν Ὀλυμπίαν, ἔφθασε χθὲς εἰς τὸ Μεξικὸν καὶ θὰ εἰσέλθῃ εἰς τὸ στάδιον κατὰ τὴν διάρκειαν τῆς τελετῆς. Ἡ ἑλληνικὴ ἀποστολὴ θὰ προηγηθῇ κατὰ τὴν παρέλασιν τῶν ἀθλητῶν.

Η ΡΩΣΣΙΑ ΥΠΟΨΗΦΙΑ ΔΙΑ ΤΟ 1972

Ἡ Σοβιετικὴ Ἕνωσις ἀνεκοίνωσεν ὅτι θὰ ὑποβάλῃ ὑποψηφιότητα διὰ τὴν διοργάνωσιν τῶν Ὀλυμπιακῶν Ἀγώνων τοῦ 1972. Μήνυμα πρὸς τοὺς ἀθλητὰς ἀπέστειλε καὶ ὁ πρόεδρος τῆς Διεθνοῦς Ὀλυμπιακῆς Ἐπιτροπῆς.

ΜΗΝΥΜΑ ΤΟΥ ΝΤΟΥΜΠΡΕΤΣΕΚ
ΟΙ ΠΡΟΚΡΙΜΑΤΙΚΟΙ ΚΟΛΥΜΒΗΣΕΩΣ

ΠΟΛΙΣ ΤΟΥ ΜΕΞΙΚΟΥ, 11. (Ῥόυτερ).— Οἱ προκριματικοὶ ἀγῶνες κολυμβήσεως θὰ διεξαχθοῦν εἰς τὴν Ὀλυμπιακὴν κολυμβητικὴν δεξαμενήν, ἡ ὁποία εἶναι ἐκ τῶν συγχρονεστέρων τοῦ κόσμου.

Ο ΓΑΜΟΜΟΥΝΤΙ ΕΚΤΟΣ ΜΑΡΑΘΩΝΙΟΥ

Ὁ Αἰθίοψ μαραθωνοδρόμος ἐδήλωσεν ὅτι δὲν θὰ λάβῃ μέρος εἰς τὸν Μαραθώνιον δρόμον λόγῳ τραυματισμοῦ, γεγονὸς τὸ ὁποῖον προκάλεσεν ἀπογοήτευσιν εἰς τοὺς φιλάθλους.

ΟΛΥΜΠΙΑΚΟΝ ΧΩΡΙΟΝ
ΣΥΝΕΚΡΟΤΗΘΗ ΕΙΣ ΤΗΝ ΣΚΥΔΡΑΝ ΣΥΣΚΕΨΙΣ ΤΩΝ ΓΕΩΠΟΝΩΝ ΓΕΩΡΓΙΚΩΝ ΕΦΑΡΜΟΓΩΝ

ΕΔΕΣΣΑ, 11.— Εἰς τὴν Σκύδραν συνεκροτήθη σύσκεψις τῶν γεωπόνων γεωργικῶν ἐφαρμογῶν τοῦ νομοῦ Πέλλης, κατὰ τὴν ὁποίαν ἐξητάσθησαν τὰ προβλήματα τῆς ἀγροτικῆς παραγωγῆς καὶ τῆς δενδροκομίας.

Εἰς τὴν σύσκεψιν παρέστησαν ὁ νομάρχης καὶ ὁ διευθυντὴς γεωργίας, οἱ ὁποῖοι ἀνέπτυξαν τὰ προγράμματα τοῦ ὑπουργείου διὰ τὴν ἐπέκτασιν τῶν ἀρδευτικῶν ἔργων.

Ἀπεφασίσθη ἡ ἐντατικοποίησις τῆς διαφωτίσεως τῶν παραγωγῶν διὰ τὴν ἐφαρμογὴν συγχρόνων μεθόδων καλλιεργείας καὶ τὴν καλυτέραν ἀξιοποίησιν τῶν προϊόντων.

Ο ΕΛΕΓΧΟΣ ΤΩΝ ΜΕΤΡΗΤΩΝ ΥΓΡΩΝ ΚΑΥΣΙΜΩΝ ΤΩΝ ΠΡΑΤΗΡΙΩΝ ΤΗΣ ΠΕΡΙΟΧΗΣ ΑΤΤΙΚΗΣ

ΑΘΗΝΑΙ, 11.— Ἐπὶ ἐλέγχῳ τῶν μετρητῶν ὑγρῶν καυσίμων τῶν πρατηρίων τῆς περιοχῆς Ἀττικῆς, συνεκροτήθησαν συνεργεῖα τοῦ ὑπουργείου Ἐμπορίου, τὰ ὁποῖα προέβησαν εἰς ἐλέγχους εἰς πολλὰ πρατήρια βενζίνης.

Εἰς πολλὰς περιπτώσεις διεπιστώθησαν παραβάσεις καὶ ἐπεβλήθησαν πρόστιμα εἰς τοὺς ὑπευθύνους. Οἱ ἔλεγχοι θὰ συνεχισθοῦν συστηματικῶς καθ' ὅλην τὴν περιοχὴν τῆς πρωτευούσης.

Τὸ ὑπουργεῖον ἐφιστᾷ τὴν προσοχὴν τῶν ἰδιοκτητῶν πρατηρίων ὅπως συμμορφωθοῦν πρὸς τὰς διατάξεις, ἄλλως θὰ ἐπιβάλλωνται αὐστηραὶ κυρώσεις.
